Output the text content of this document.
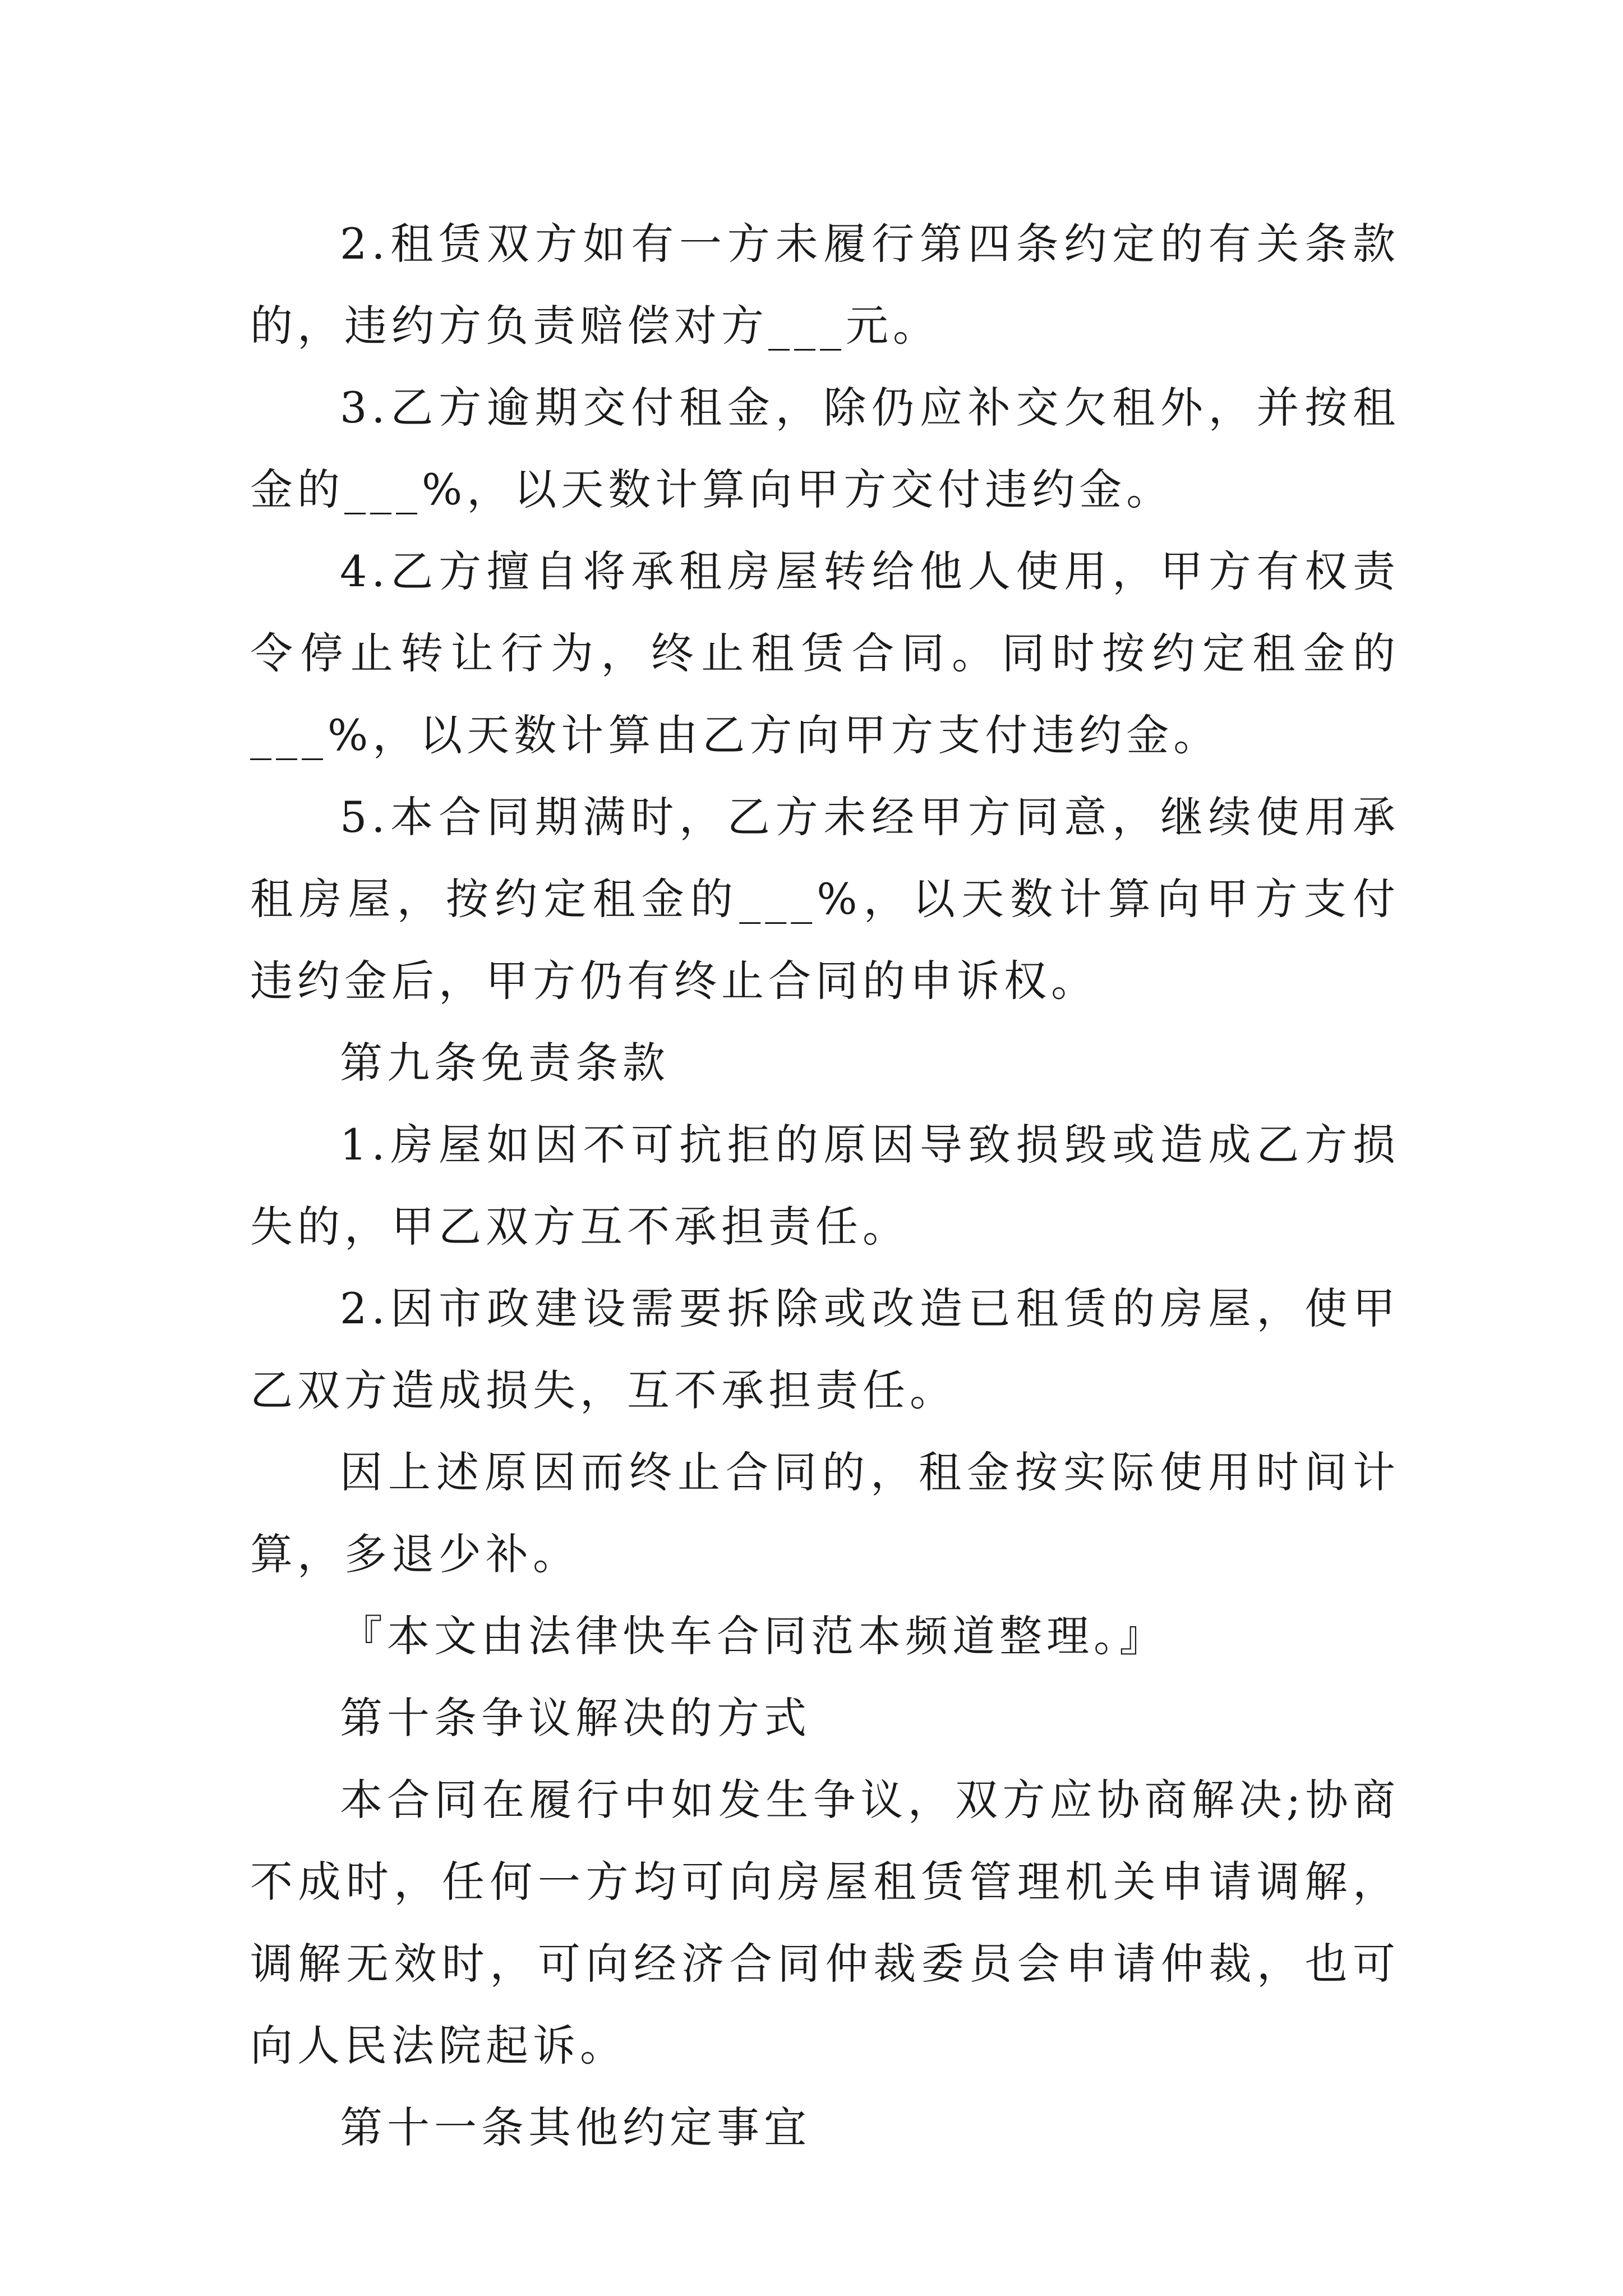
2.租赁双方如有一方未履行第四条约定的有关条款的，违约方负责赔偿对方___元。

3.乙方逾期交付租金，除仍应补交欠租外，并按租金的___%，以天数计算向甲方交付违约金。

4.乙方擅自将承租房屋转给他人使用，甲方有权责令停止转让行为，终止租赁合同。同时按约定租金的___%，以天数计算由乙方向甲方支付违约金。

5.本合同期满时，乙方未经甲方同意，继续使用承租房屋，按约定租金的___%，以天数计算向甲方支付违约金后，甲方仍有终止合同的申诉权。

第九条免责条款

1.房屋如因不可抗拒的原因导致损毁或造成乙方损失的，甲乙双方互不承担责任。

2.因市政建设需要拆除或改造已租赁的房屋，使甲乙双方造成损失，互不承担责任。

因上述原因而终止合同的，租金按实际使用时间计算，多退少补。

『本文由法律快车合同范本频道整理。』

第十条争议解决的方式

本合同在履行中如发生争议，双方应协商解决;协商不成时，任何一方均可向房屋租赁管理机关申请调解，调解无效时，可向经济合同仲裁委员会申请仲裁，也可向人民法院起诉。

第十一条其他约定事宜
